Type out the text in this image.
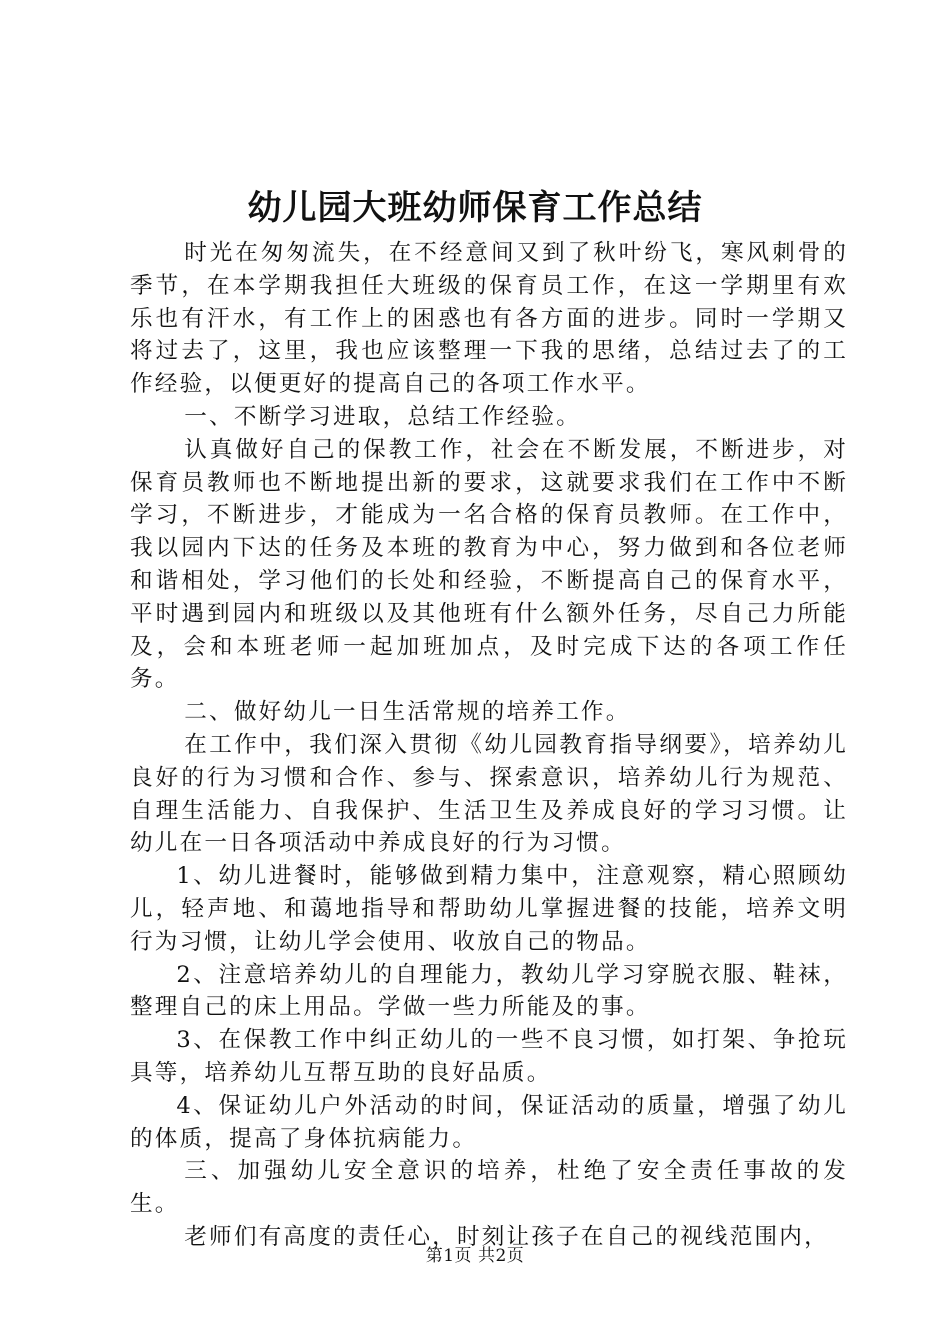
幼儿园大班幼师保育工作总结

时光在匆匆流失，在不经意间又到了秋叶纷飞，寒风刺骨的季节，在本学期我担任大班级的保育员工作，在这一学期里有欢乐也有汗水，有工作上的困惑也有各方面的进步。同时一学期又将过去了，这里，我也应该整理一下我的思绪，总结过去了的工作经验，以便更好的提高自己的各项工作水平。

一、不断学习进取，总结工作经验。

认真做好自己的保教工作，社会在不断发展，不断进步，对保育员教师也不断地提出新的要求，这就要求我们在工作中不断学习，不断进步，才能成为一名合格的保育员教师。在工作中，我以园内下达的任务及本班的教育为中心，努力做到和各位老师和谐相处，学习他们的长处和经验，不断提高自己的保育水平，平时遇到园内和班级以及其他班有什么额外任务，尽自己力所能及，会和本班老师一起加班加点，及时完成下达的各项工作任务。

二、做好幼儿一日生活常规的培养工作。

在工作中，我们深入贯彻《幼儿园教育指导纲要》，培养幼儿良好的行为习惯和合作、参与、探索意识，培养幼儿行为规范、自理生活能力、自我保护、生活卫生及养成良好的学习习惯。让幼儿在一日各项活动中养成良好的行为习惯。

1、幼儿进餐时，能够做到精力集中，注意观察，精心照顾幼儿，轻声地、和蔼地指导和帮助幼儿掌握进餐的技能，培养文明行为习惯，让幼儿学会使用、收放自己的物品。

2、注意培养幼儿的自理能力，教幼儿学习穿脱衣服、鞋袜，整理自己的床上用品。学做一些力所能及的事。

3、在保教工作中纠正幼儿的一些不良习惯，如打架、争抢玩具等，培养幼儿互帮互助的良好品质。

4、保证幼儿户外活动的时间，保证活动的质量，增强了幼儿的体质，提高了身体抗病能力。

三、加强幼儿安全意识的培养，杜绝了安全责任事故的发生。

老师们有高度的责任心，时刻让孩子在自己的视线范围内，

第1页 共2页
